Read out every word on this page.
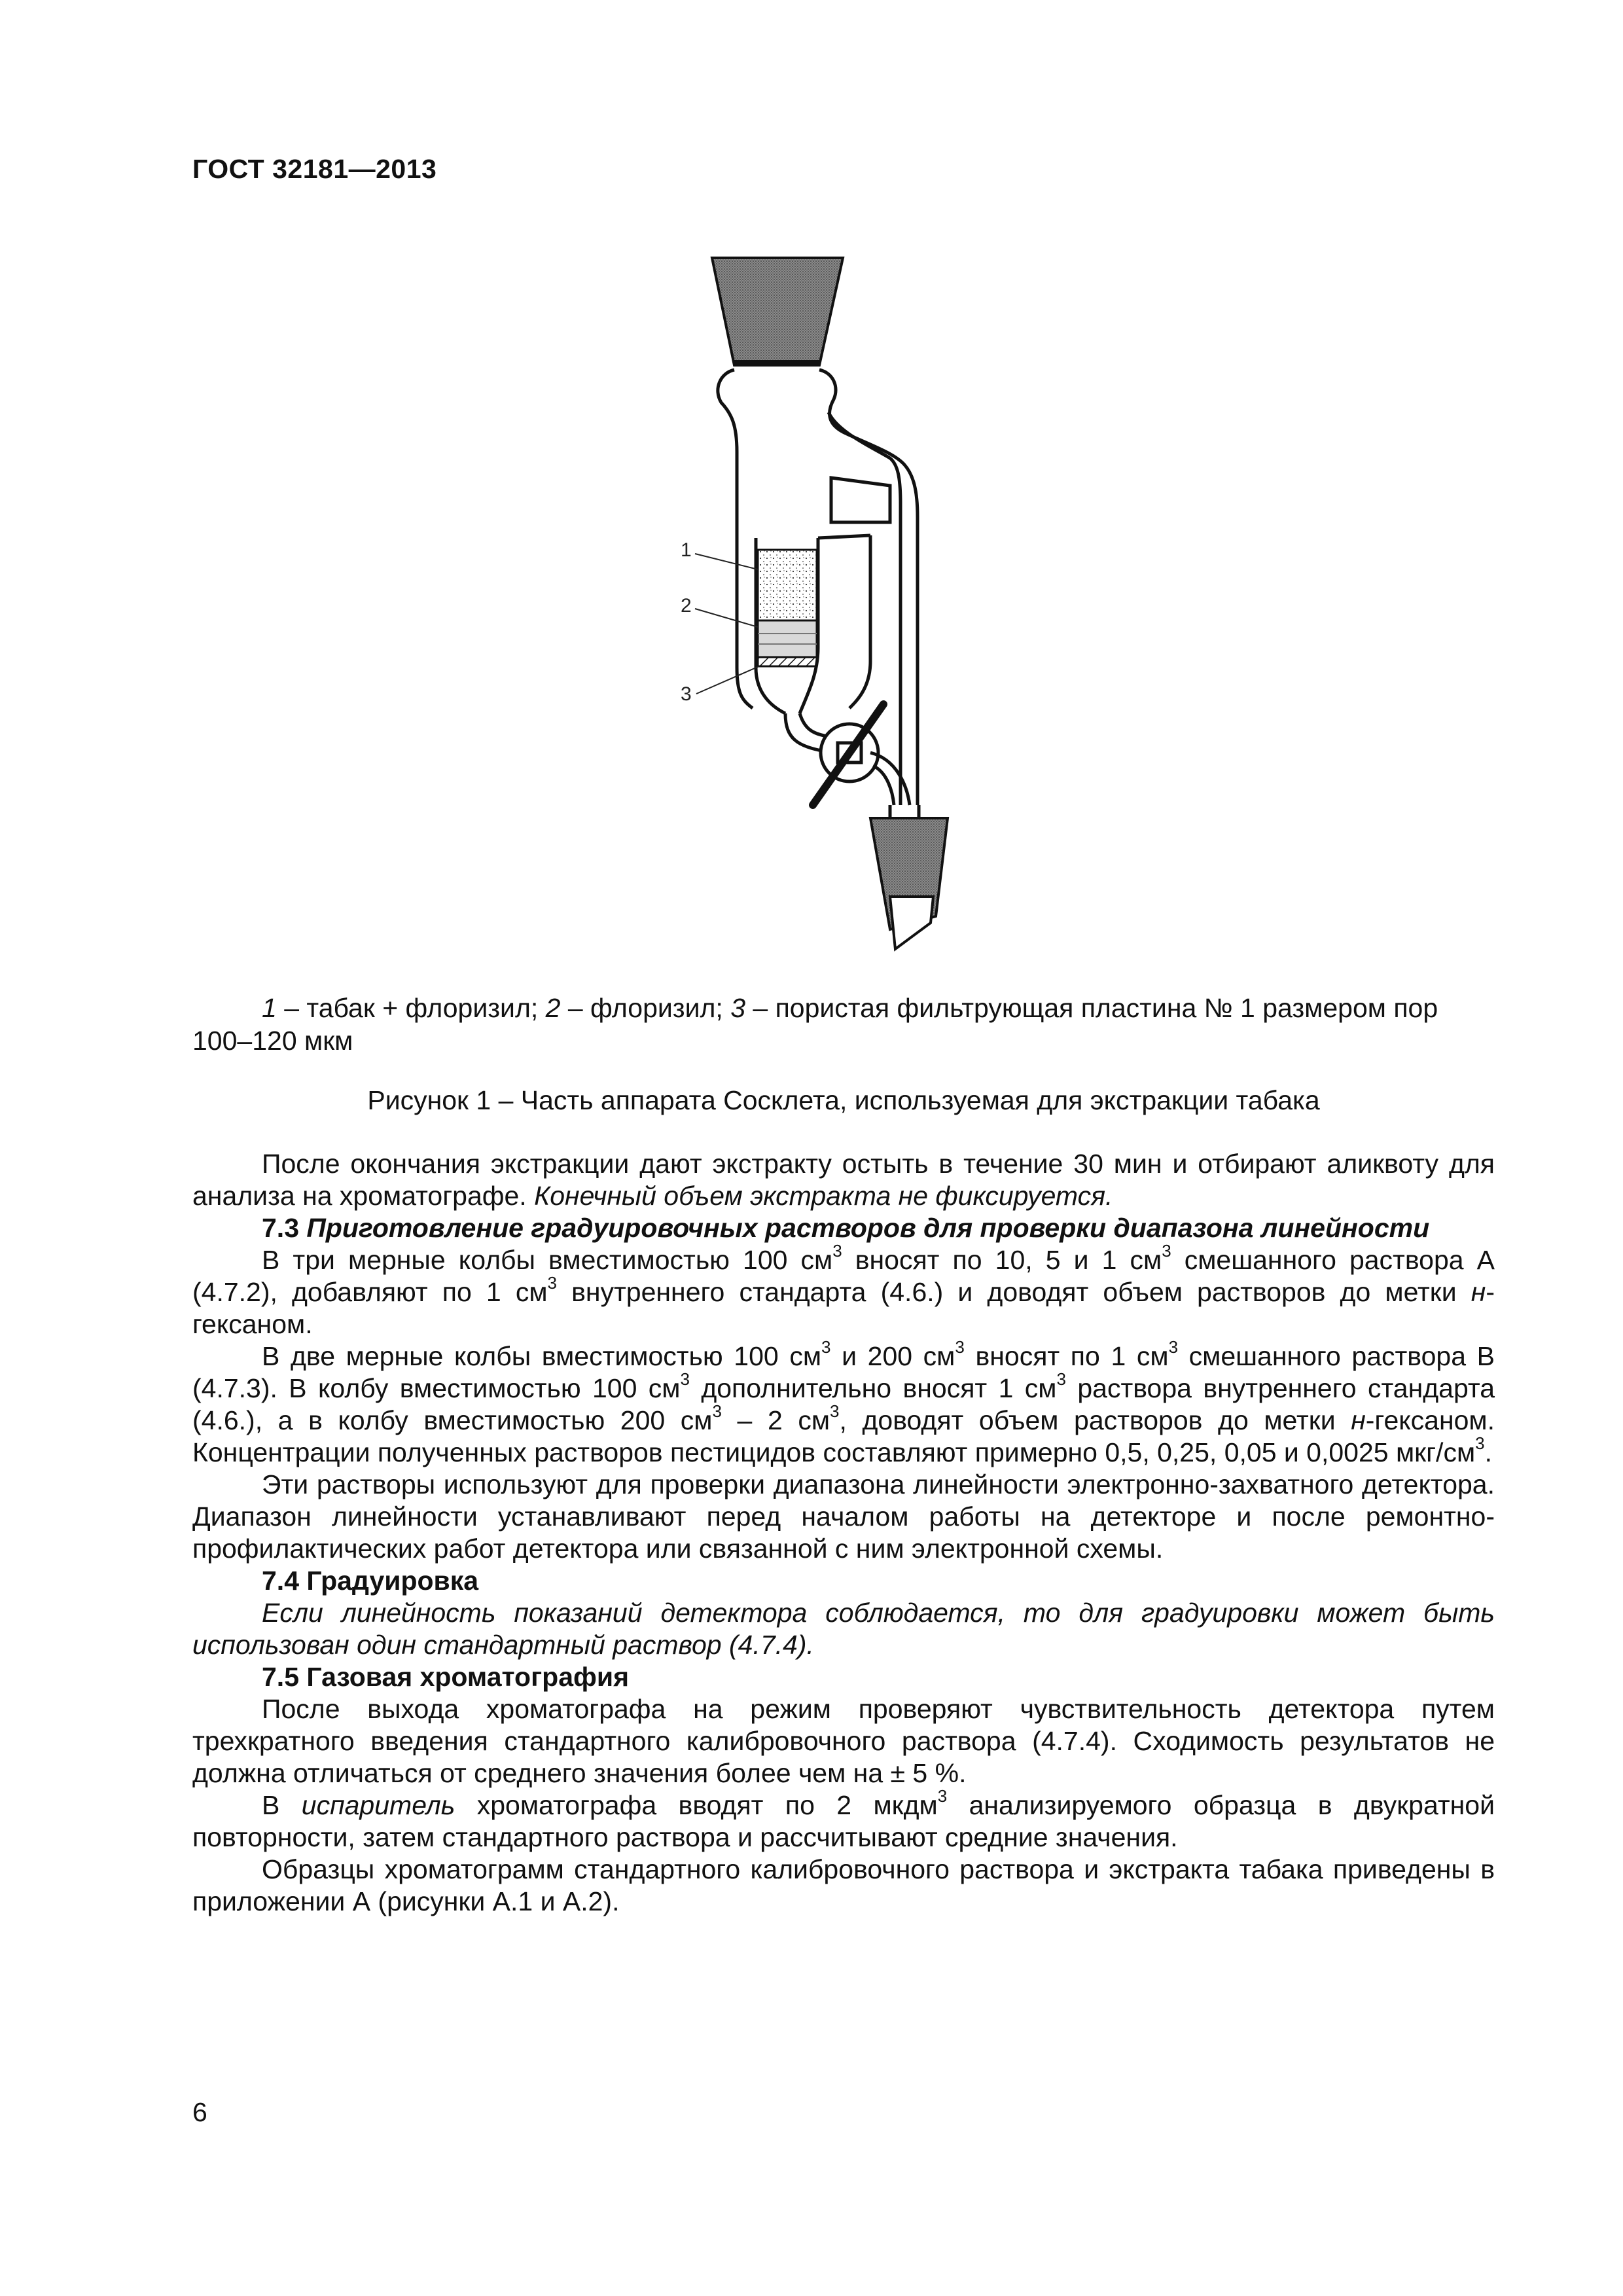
ГОСТ 32181—2013
1
2
3
1 – табак + флоризил; 2 – флоризил; 3 – пористая фильтрующая пластина № 1 размером пор 100–120 мкм
Рисунок 1 – Часть аппарата Сосклета, используемая для экстракции табака

После окончания экстракции дают экстракту остыть в течение 30 мин и отбирают аликвоту для анализа на хроматографе. Конечный объем экстракта не фиксируется.

7.3 Приготовление градуировочных растворов для проверки диапазона линейности

В три мерные колбы вместимостью 100 $см^3$ вносят по 10, 5 и 1 $см^3$ смешанного раствора А (4.7.2), добавляют по 1 $см^3$ внутреннего стандарта (4.6.) и доводят объем растворов до метки н-гексаном.

В две мерные колбы вместимостью 100 $см^3$ и 200 $см^3$ вносят по 1 $см^3$ смешанного раствора В (4.7.3). В колбу вместимостью 100 $см^3$ дополнительно вносят 1 $см^3$ раствора внутреннего стандарта (4.6.), а в колбу вместимостью 200 $см^3 - 2$ $см^3$, доводят объем растворов до метки н-гексаном. Концентрации полученных растворов пестицидов составляют примерно 0,5, 0,25, 0,05 и 0,0025 мкг/$см^3$.

Эти растворы используют для проверки диапазона линейности электронно-захватного детектора. Диапазон линейности устанавливают перед началом работы на детекторе и после ремонтно-профилактических работ детектора или связанной с ним электронной схемы.

7.4 Градуировка

Если линейность показаний детектора соблюдается, то для градуировки может быть использован один стандартный раствор (4.7.4).

7.5 Газовая хроматография

После выхода хроматографа на режим проверяют чувствительность детектора путем трехкратного введения стандартного калибровочного раствора (4.7.4). Сходимость результатов не должна отличаться от среднего значения более чем на ± 5 %.

В испаритель хроматографа вводят по 2 мкдм$^3$ анализируемого образца в двукратной повторности, затем стандартного раствора и рассчитывают средние значения.

Образцы хроматограмм стандартного калибровочного раствора и экстракта табака приведены в приложении А (рисунки А.1 и А.2).

6
